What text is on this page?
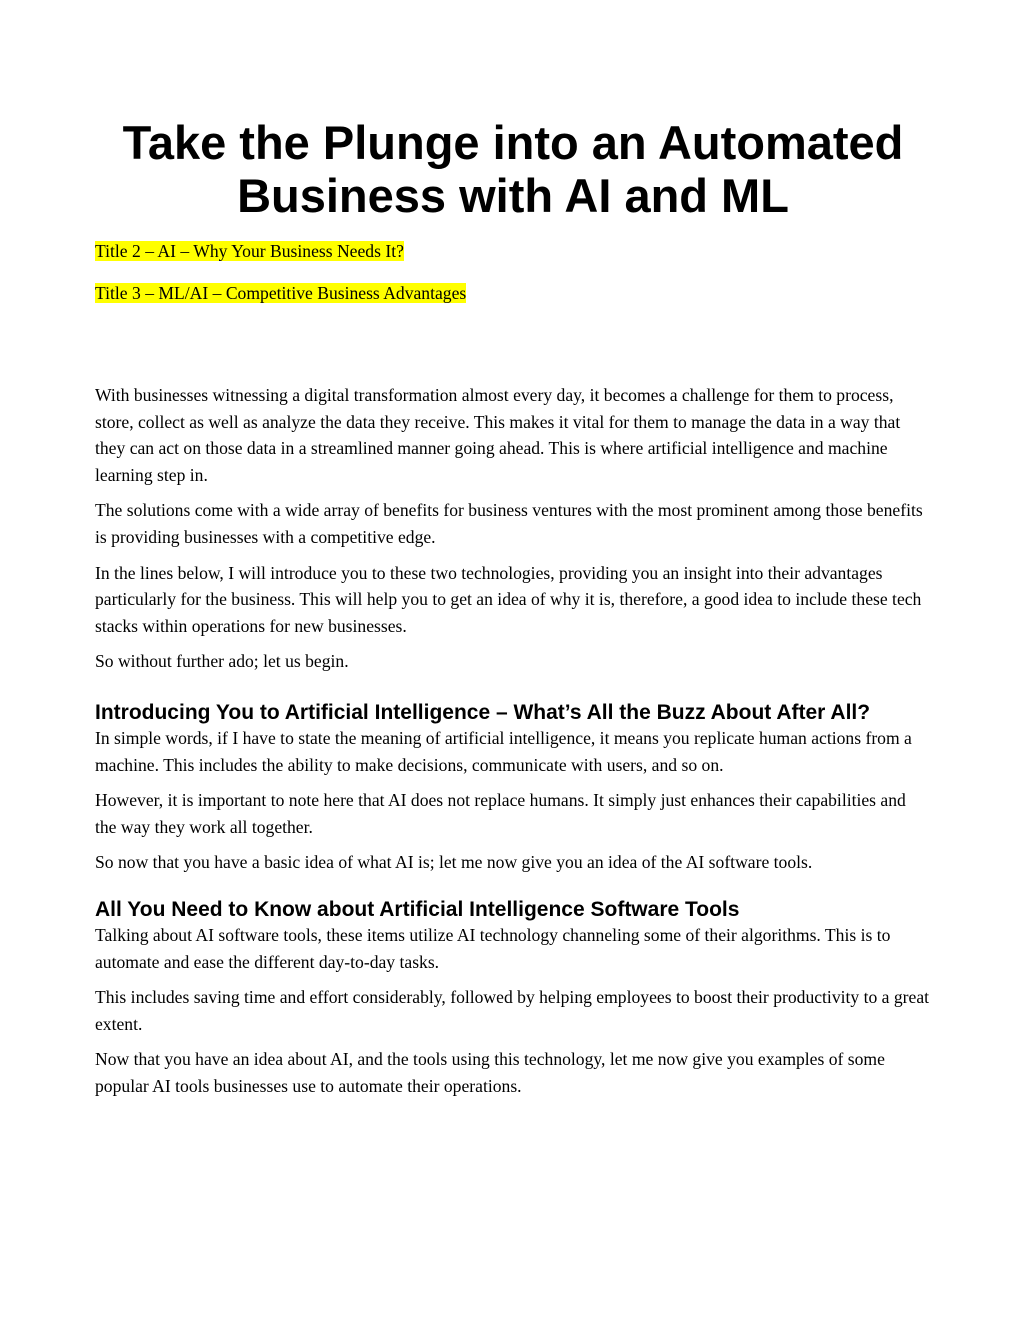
Take the Plunge into an Automated Business with AI and ML

Title 2 – AI – Why Your Business Needs It?

Title 3 – ML/AI – Competitive Business Advantages

With businesses witnessing a digital transformation almost every day, it becomes a challenge for them to process, store, collect as well as analyze the data they receive. This makes it vital for them to manage the data in a way that they can act on those data in a streamlined manner going ahead. This is where artificial intelligence and machine learning step in.

The solutions come with a wide array of benefits for business ventures with the most prominent among those benefits is providing businesses with a competitive edge.

In the lines below, I will introduce you to these two technologies, providing you an insight into their advantages particularly for the business. This will help you to get an idea of why it is, therefore, a good idea to include these tech stacks within operations for new businesses.

So without further ado; let us begin.

Introducing You to Artificial Intelligence – What’s All the Buzz About After All?

In simple words, if I have to state the meaning of artificial intelligence, it means you replicate human actions from a machine. This includes the ability to make decisions, communicate with users, and so on.

However, it is important to note here that AI does not replace humans. It simply just enhances their capabilities and the way they work all together.

So now that you have a basic idea of what AI is; let me now give you an idea of the AI software tools.

All You Need to Know about Artificial Intelligence Software Tools

Talking about AI software tools, these items utilize AI technology channeling some of their algorithms. This is to automate and ease the different day-to-day tasks.

This includes saving time and effort considerably, followed by helping employees to boost their productivity to a great extent.

Now that you have an idea about AI, and the tools using this technology, let me now give you examples of some popular AI tools businesses use to automate their operations.
